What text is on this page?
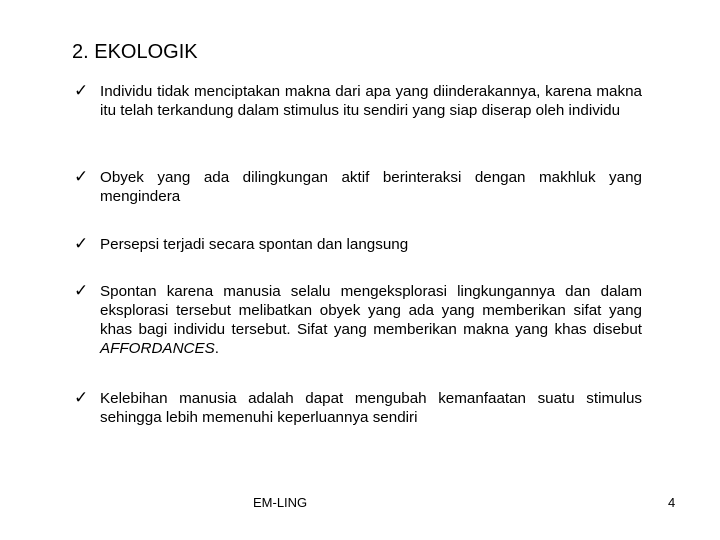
2. EKOLOGIK
✓ Individu tidak menciptakan makna dari apa yang diinderakannya, karena makna itu telah terkandung dalam stimulus itu sendiri yang siap diserap oleh individu
✓ Obyek yang ada dilingkungan aktif berinteraksi dengan makhluk yang mengindera
✓ Persepsi terjadi secara spontan dan langsung
✓ Spontan karena manusia selalu mengeksplorasi lingkungannya dan dalam eksplorasi tersebut melibatkan obyek yang ada yang memberikan sifat yang khas bagi individu tersebut. Sifat yang memberikan makna yang khas disebut AFFORDANCES.
✓ Kelebihan manusia adalah dapat mengubah kemanfaatan suatu stimulus sehingga lebih memenuhi keperluannya sendiri
EM-LING	4
